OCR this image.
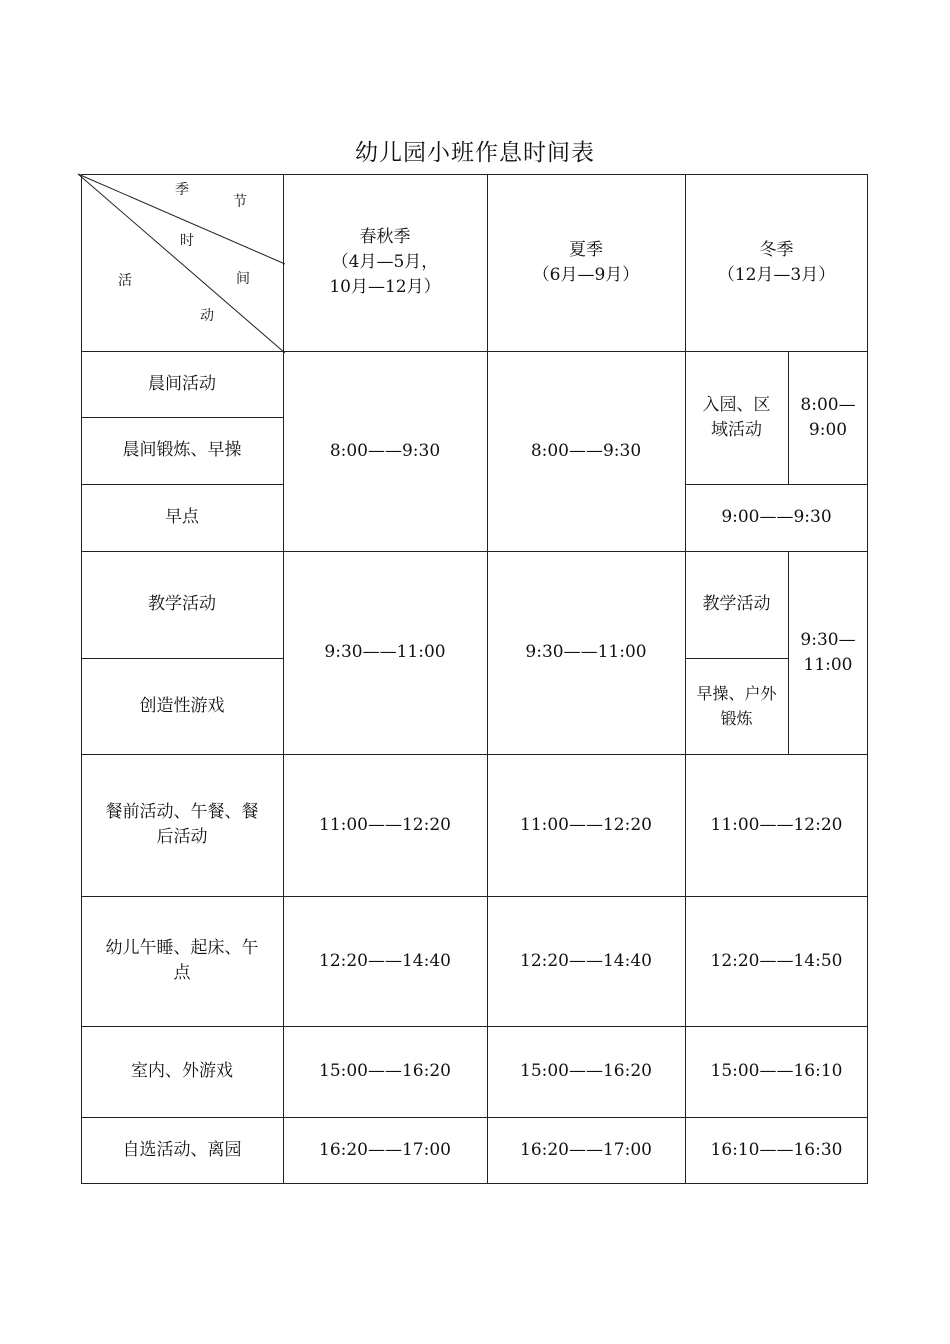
幼儿园小班作息时间表
季
节
时
间
活
动
春秋季
（4月—5月，
10月—12月）
夏季
（6月—9月）
冬季
（12月—3月）
晨间活动
晨间锻炼、早操
早点
教学活动
创造性游戏
餐前活动、午餐、餐
后活动
幼儿午睡、起床、午
点
室内、外游戏
自选活动、离园
8:00——9:30
9:30——11:00
11:00——12:20
12:20——14:40
15:00——16:20
16:20——17:00
8:00——9:30
9:30——11:00
11:00——12:20
12:20——14:40
15:00——16:20
16:20——17:00
入园、区
域活动
8:00—
9:00
9:00——9:30
教学活动
早操、户外
锻炼
9:30—
11:00
11:00——12:20
12:20——14:50
15:00——16:10
16:10——16:30
